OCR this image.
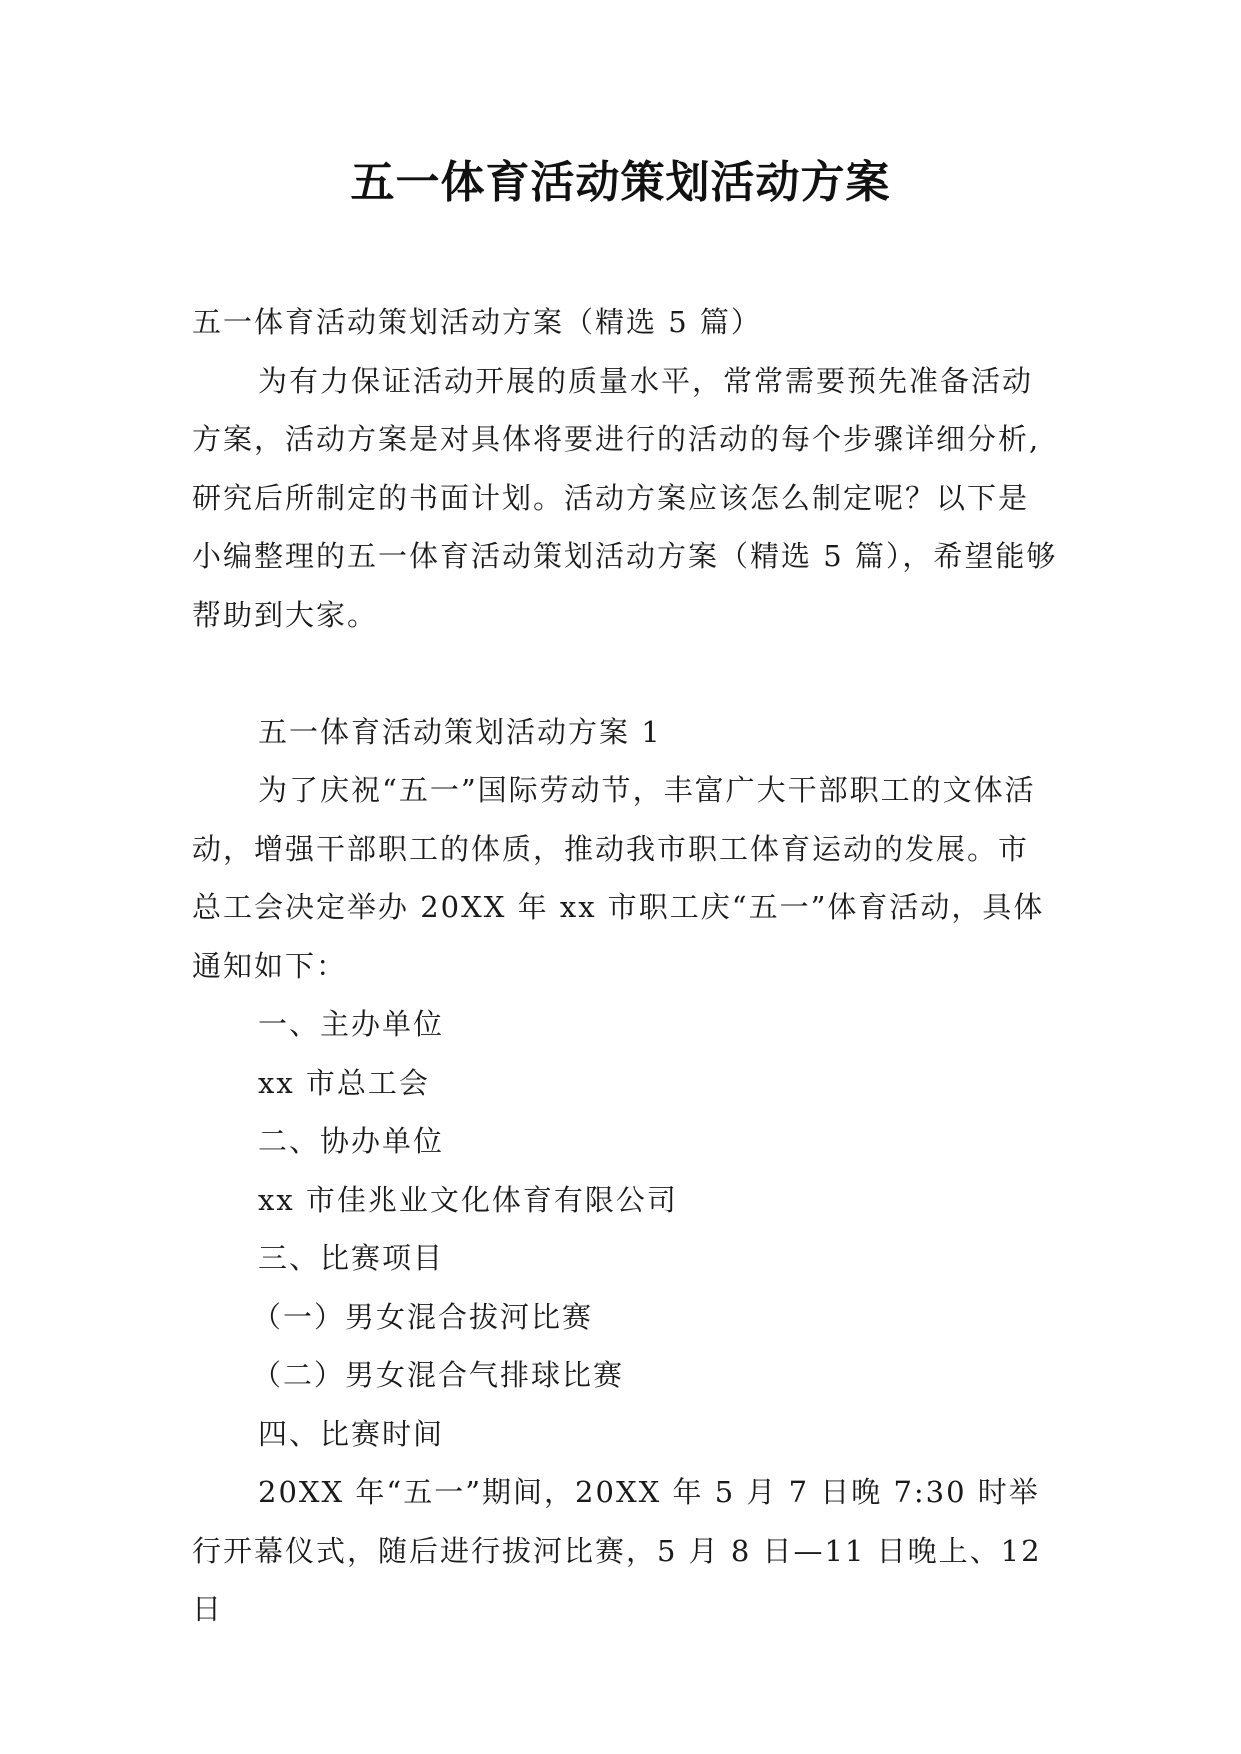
五一体育活动策划活动方案

五一体育活动策划活动方案（精选 5 篇）

为有力保证活动开展的质量水平，常常需要预先准备活动方案，活动方案是对具体将要进行的活动的每个步骤详细分析,研究后所制定的书面计划。活动方案应该怎么制定呢？以下是小编整理的五一体育活动策划活动方案（精选 5 篇），希望能够帮助到大家。

五一体育活动策划活动方案 1

为了庆祝“五一”国际劳动节，丰富广大干部职工的文体活动，增强干部职工的体质，推动我市职工体育运动的发展。市总工会决定举办 20XX 年 xx 市职工庆“五一”体育活动，具体通知如下：

一、主办单位

xx 市总工会

二、协办单位

xx 市佳兆业文化体育有限公司

三、比赛项目

（一）男女混合拔河比赛

（二）男女混合气排球比赛

四、比赛时间

20XX 年“五一”期间，20XX 年 5 月 7 日晚 7:30 时举行开幕仪式，随后进行拔河比赛，5 月 8 日—11 日晚上、12 日
